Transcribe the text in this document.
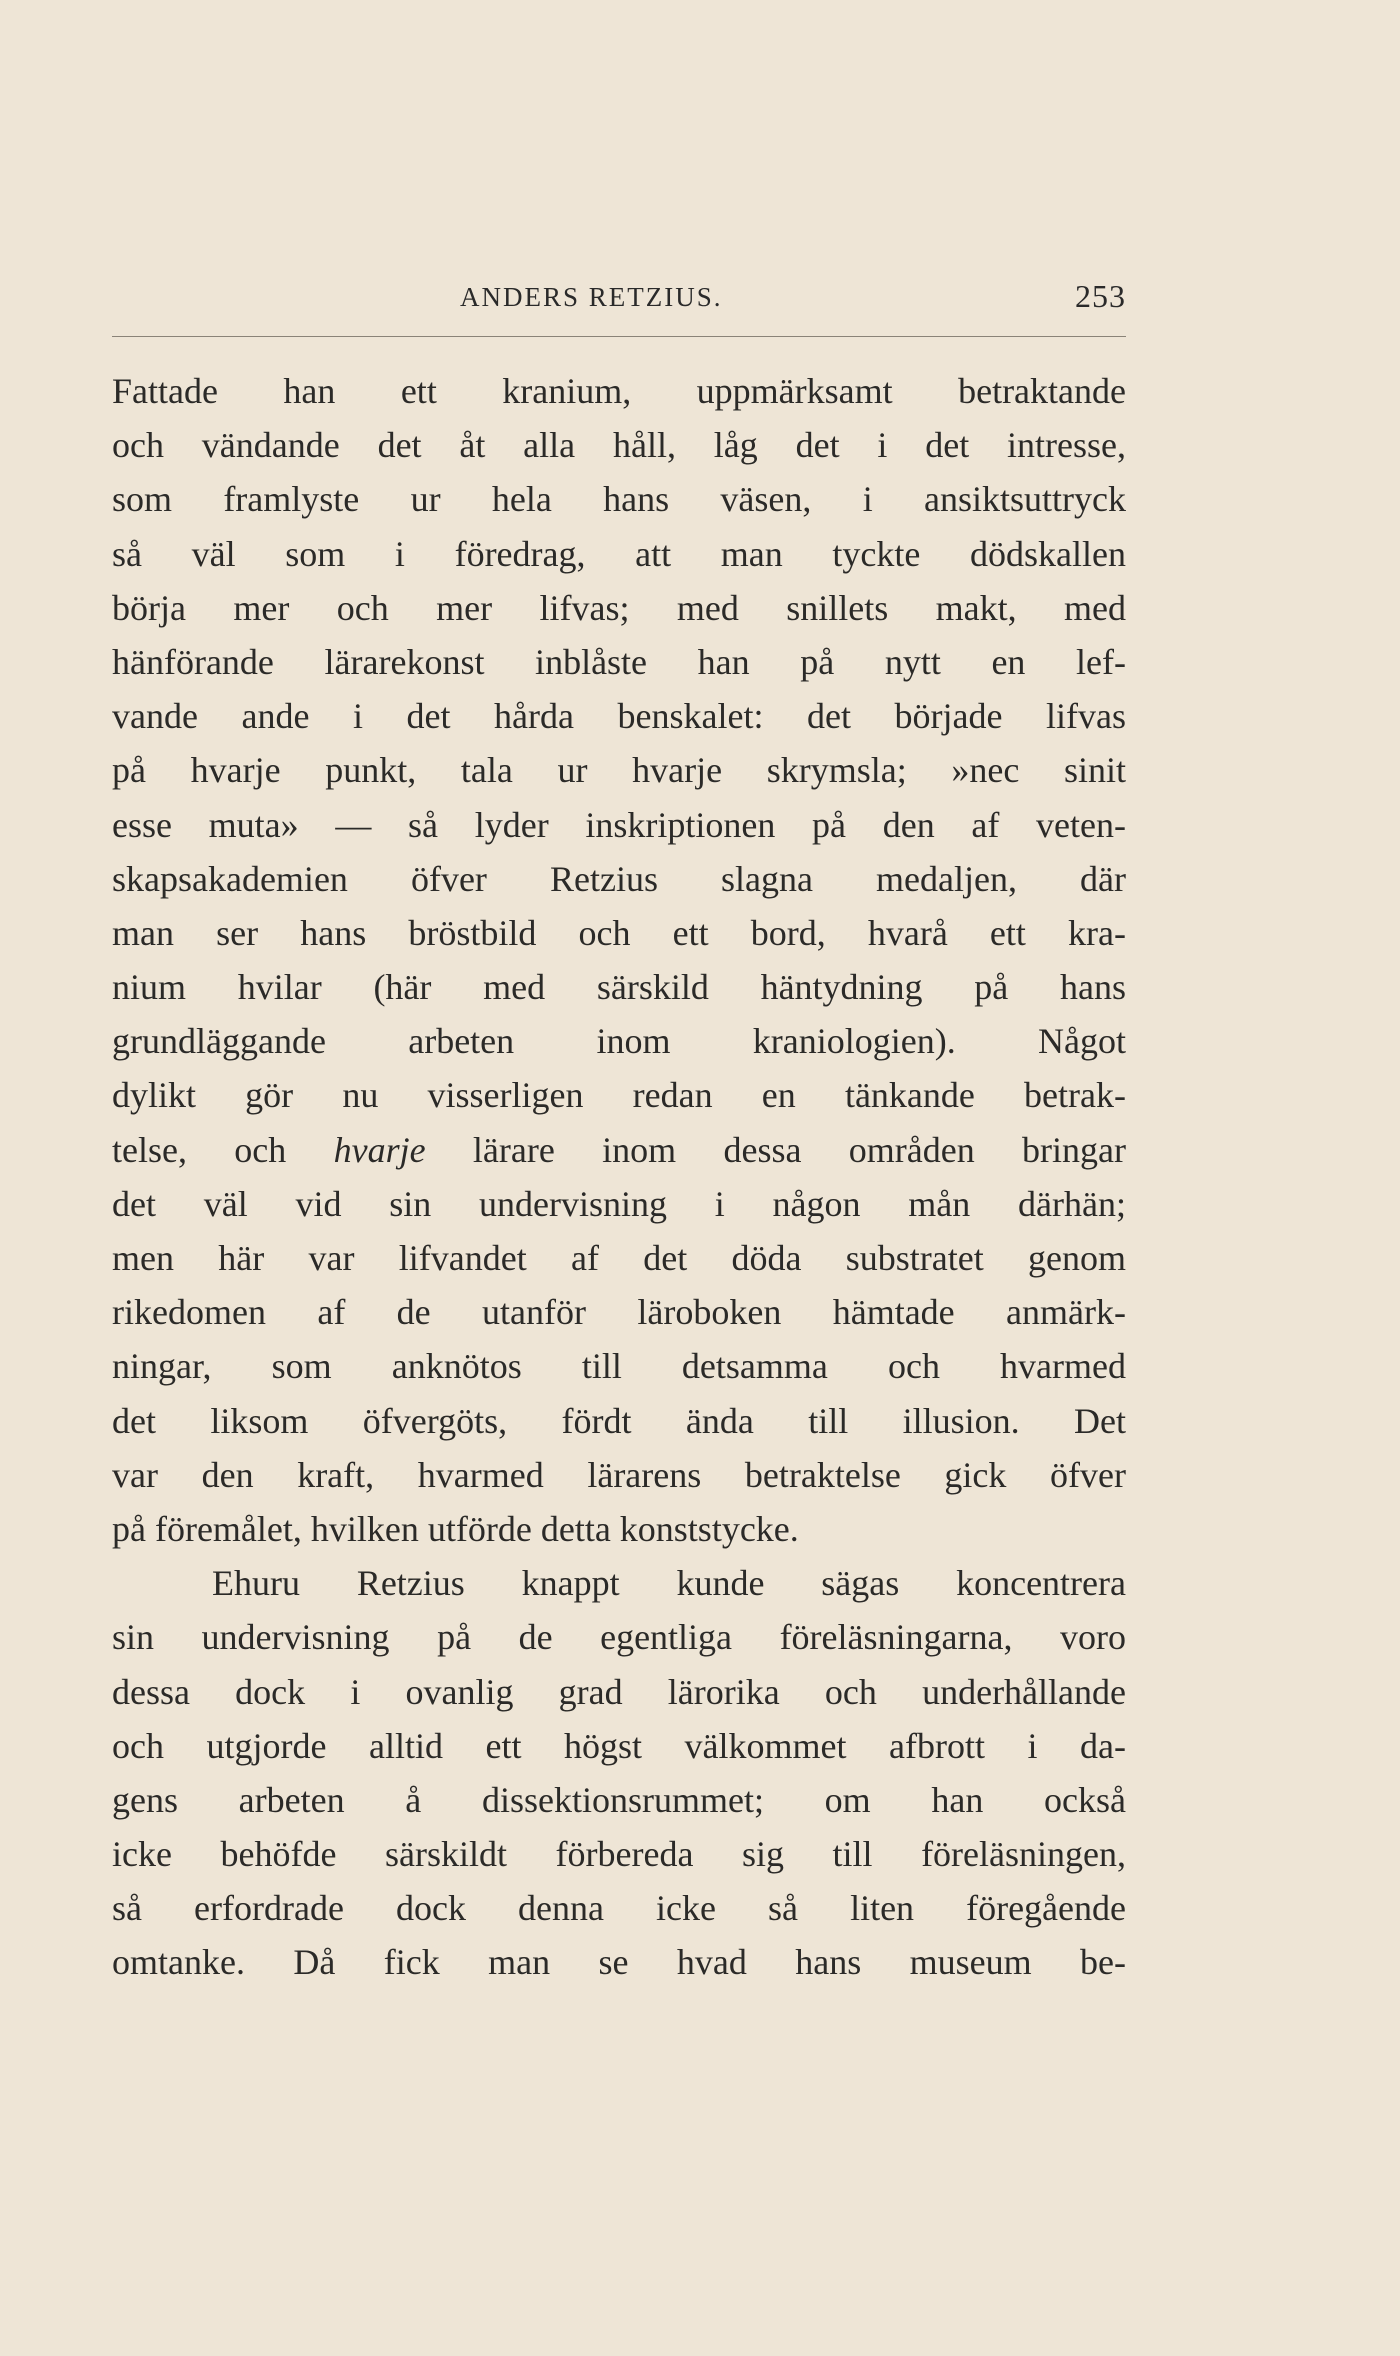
ANDERS RETZIUS.	253
Fattade han ett kranium, uppmärksamt betraktande
och vändande det åt alla håll, låg det i det intresse,
som framlyste ur hela hans väsen, i ansiktsuttryck
så väl som i föredrag, att man tyckte dödskallen
börja mer och mer lifvas; med snillets makt, med
hänförande lärarekonst inblåste han på nytt en lef-
vande ande i det hårda benskalet: det började lifvas
på hvarje punkt, tala ur hvarje skrymsla; »nec sinit
esse muta» — så lyder inskriptionen på den af veten-
skapsakademien öfver Retzius slagna medaljen, där
man ser hans bröstbild och ett bord, hvarå ett kra-
nium hvilar (här med särskild häntydning på hans
grundläggande arbeten inom kraniologien). Något
dylikt gör nu visserligen redan en tänkande betrak-
telse, och hvarje lärare inom dessa områden bringar
det väl vid sin undervisning i någon mån därhän;
men här var lifvandet af det döda substratet genom
rikedomen af de utanför läroboken hämtade anmärk-
ningar, som anknötos till detsamma och hvarmed
det liksom öfvergöts, fördt ända till illusion. Det
var den kraft, hvarmed lärarens betraktelse gick öfver
på föremålet, hvilken utförde detta konststycke.
Ehuru Retzius knappt kunde sägas koncentrera
sin undervisning på de egentliga föreläsningarna, voro
dessa dock i ovanlig grad lärorika och underhållande
och utgjorde alltid ett högst välkommet afbrott i da-
gens arbeten å dissektionsrummet; om han också
icke behöfde särskildt förbereda sig till föreläsningen,
så erfordrade dock denna icke så liten föregående
omtanke. Då fick man se hvad hans museum be-
